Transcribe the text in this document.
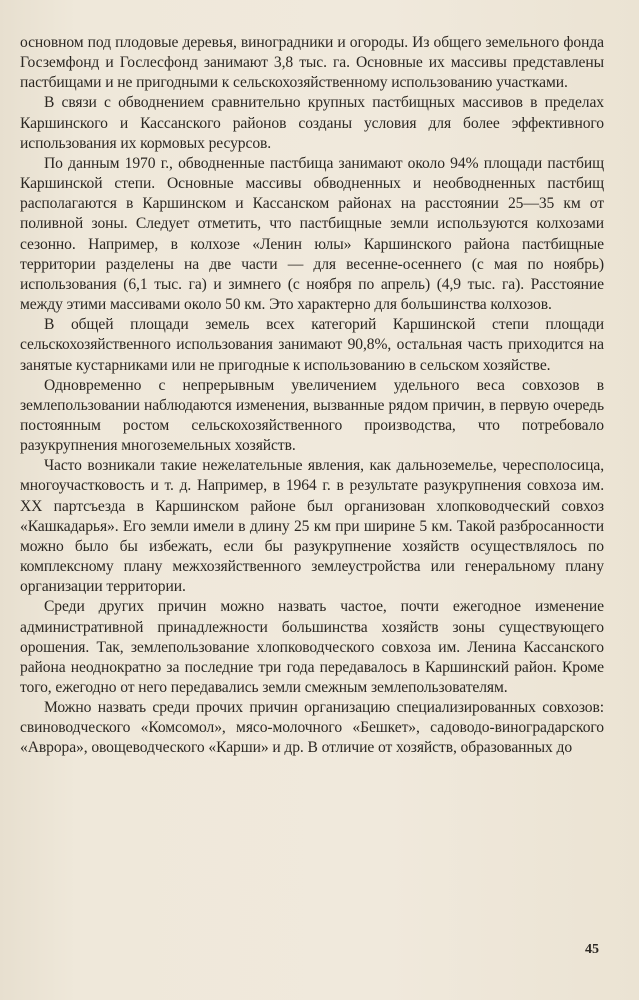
основном под плодовые деревья, виноградники и огороды. Из общего земельного фонда Госземфонд и Гослесфонд занимают 3,8 тыс. га. Основные их массивы представлены пастбищами и не пригодными к сельскохозяйственному использованию участками.

В связи с обводнением сравнительно крупных пастбищных массивов в пределах Каршинского и Кассанского районов созданы условия для более эффективного использования их кормовых ресурсов.

По данным 1970 г., обводненные пастбища занимают около 94% площади пастбищ Каршинской степи. Основные массивы обводненных и необводненных пастбищ располагаются в Каршинском и Кассанском районах на расстоянии 25—35 км от поливной зоны. Следует отметить, что пастбищные земли используются колхозами сезонно. Например, в колхозе «Ленин юлы» Каршинского района пастбищные территории разделены на две части — для весенне-осеннего (с мая по ноябрь) использования (6,1 тыс. га) и зимнего (с ноября по апрель) (4,9 тыс. га). Расстояние между этими массивами около 50 км. Это характерно для большинства колхозов.

В общей площади земель всех категорий Каршинской степи площади сельскохозяйственного использования занимают 90,8%, остальная часть приходится на занятые кустарниками или не пригодные к использованию в сельском хозяйстве.

Одновременно с непрерывным увеличением удельного веса совхозов в землепользовании наблюдаются изменения, вызванные рядом причин, в первую очередь постоянным ростом сельскохозяйственного производства, что потребовало разукрупнения многоземельных хозяйств.

Часто возникали такие нежелательные явления, как дальноземелье, чересполосица, многоучастковость и т. д. Например, в 1964 г. в результате разукрупнения совхоза им. XX партсъезда в Каршинском районе был организован хлопководческий совхоз «Кашкадарья». Его земли имели в длину 25 км при ширине 5 км. Такой разбросанности можно было бы избежать, если бы разукрупнение хозяйств осуществлялось по комплексному плану межхозяйственного землеустройства или генеральному плану организации территории.

Среди других причин можно назвать частое, почти ежегодное изменение административной принадлежности большинства хозяйств зоны существующего орошения. Так, землепользование хлопководческого совхоза им. Ленина Кассанского района неоднократно за последние три года передавалось в Каршинский район. Кроме того, ежегодно от него передавались земли смежным землепользователям.

Можно назвать среди прочих причин организацию специализированных совхозов: свиноводческого «Комсомол», мясо-молочного «Бешкет», садоводо-виноградарского «Аврора», овощеводческого «Карши» и др. В отличие от хозяйств, образованных до

45
